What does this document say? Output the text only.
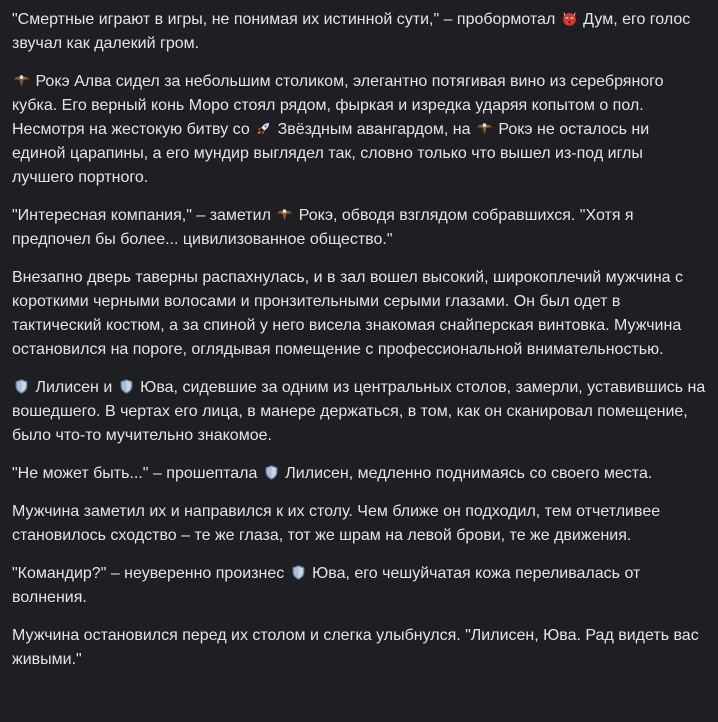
"Смертные играют в игры, не понимая их истинной сути," – пробормотал
Дум, его голос звучал как далекий гром.

Рокэ Алва сидел за небольшим столиком, элегантно потягивая вино из серебряного кубка. Его верный конь Моро стоял рядом, фыркая и изредка ударяя копытом о пол. Несмотря на жестокую битву со
Звёздным авангардом, на
Рокэ не осталось ни единой царапины, а его мундир выглядел так, словно только что вышел из-под иглы лучшего портного.

"Интересная компания," – заметил
Рокэ, обводя взглядом собравшихся. "Хотя я предпочел бы более... цивилизованное общество."

Внезапно дверь таверны распахнулась, и в зал вошел высокий, широкоплечий мужчина с короткими черными волосами и пронзительными серыми глазами. Он был одет в тактический костюм, а за спиной у него висела знакомая снайперская винтовка. Мужчина остановился на пороге, оглядывая помещение с профессиональной внимательностью.

Лилисен и
Юва, сидевшие за одним из центральных столов, замерли, уставившись на вошедшего. В чертах его лица, в манере держаться, в том, как он сканировал помещение, было что-то мучительно знакомое.

"Не может быть..." – прошептала
Лилисен, медленно поднимаясь со своего места.

Мужчина заметил их и направился к их столу. Чем ближе он подходил, тем отчетливее становилось сходство – те же глаза, тот же шрам на левой брови, те же движения.

"Командир?" – неуверенно произнес
Юва, его чешуйчатая кожа переливалась от волнения.

Мужчина остановился перед их столом и слегка улыбнулся. "Лилисен, Юва. Рад видеть вас живыми."
